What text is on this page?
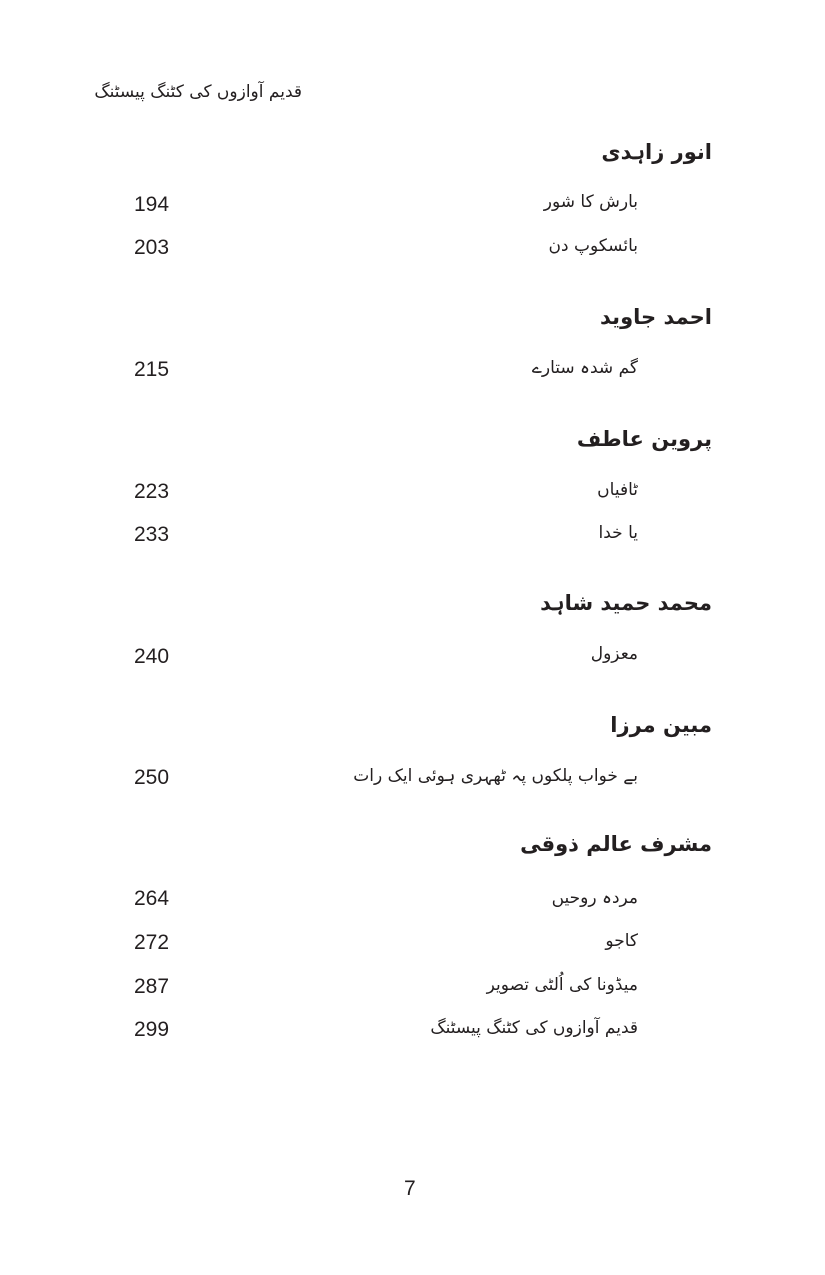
قدیم آوازوں کی کٹنگ پیسٹنگ
انور زاہدی
بارش کا شور
194
بائسکوپ دن
203
احمد جاوید
گم شدہ ستارے
215
پروین عاطف
ٹافیاں
223
یا خدا
233
محمد حمید شاہد
معزول
240
مبین مرزا
بے خواب پلکوں پہ ٹھہری ہوئی ایک رات
250
مشرف عالم ذوقی
مردہ روحیں
264
کاجو
272
میڈونا کی اُلٹی تصویر
287
قدیم آوازوں کی کٹنگ پیسٹنگ
299
7
